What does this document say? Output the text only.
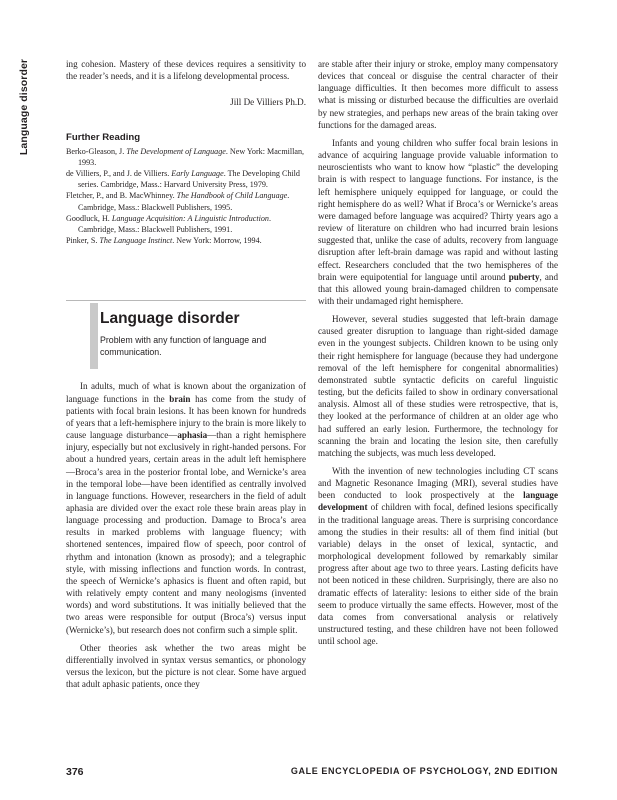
Language disorder	ing cohesion. Mastery of these devices requires a sensitivity to the reader’s needs, and it is a lifelong developmental process.

Jill De Villiers Ph.D.
Further Reading
Berko-Gleason, J. The Development of Language. New York: Macmillan, 1993.
de Villiers, P., and J. de Villiers. Early Language. The Developing Child series. Cambridge, Mass.: Harvard University Press, 1979.
Fletcher, P., and B. MacWhinney. The Handbook of Child Language. Cambridge, Mass.: Blackwell Publishers, 1995.
Goodluck, H. Language Acquisition: A Linguistic Introduction. Cambridge, Mass.: Blackwell Publishers, 1991.
Pinker, S. The Language Instinct. New York: Morrow, 1994.
Language disorder
Problem with any function of language and communication.

In adults, much of what is known about the organization of language functions in the brain has come from the study of patients with focal brain lesions. It has been known for hundreds of years that a left-hemisphere injury to the brain is more likely to cause language disturbance—aphasia—than a right hemisphere injury, especially but not exclusively in right-handed persons. For about a hundred years, certain areas in the adult left hemisphere—Broca’s area in the posterior frontal lobe, and Wernicke’s area in the temporal lobe—have been identified as centrally involved in language functions. However, researchers in the field of adult aphasia are divided over the exact role these brain areas play in language processing and production. Damage to Broca’s area results in marked problems with language fluency; with shortened sentences, impaired flow of speech, poor control of rhythm and intonation (known as prosody); and a telegraphic style, with missing inflections and function words. In contrast, the speech of Wernicke’s aphasics is fluent and often rapid, but with relatively empty content and many neologisms (invented words) and word substitutions. It was initially believed that the two areas were responsible for output (Broca’s) versus input (Wernicke’s), but research does not confirm such a simple split.

Other theories ask whether the two areas might be differentially involved in syntax versus semantics, or phonology versus the lexicon, but the picture is not clear. Some have argued that adult aphasic patients, once they

are stable after their injury or stroke, employ many compensatory devices that conceal or disguise the central character of their language difficulties. It then becomes more difficult to assess what is missing or disturbed because the difficulties are overlaid by new strategies, and perhaps new areas of the brain taking over functions for the damaged areas.

Infants and young children who suffer focal brain lesions in advance of acquiring language provide valuable information to neuroscientists who want to know how “plastic” the developing brain is with respect to language functions. For instance, is the left hemisphere uniquely equipped for language, or could the right hemisphere do as well? What if Broca’s or Wernicke’s areas were damaged before language was acquired? Thirty years ago a review of literature on children who had incurred brain lesions suggested that, unlike the case of adults, recovery from language disruption after left-brain damage was rapid and without lasting effect. Researchers concluded that the two hemispheres of the brain were equipotential for language until around puberty, and that this allowed young brain-damaged children to compensate with their undamaged right hemisphere.

However, several studies suggested that left-brain damage caused greater disruption to language than right-sided damage even in the youngest subjects. Children known to be using only their right hemisphere for language (because they had undergone removal of the left hemisphere for congenital abnormalities) demonstrated subtle syntactic deficits on careful linguistic testing, but the deficits failed to show in ordinary conversational analysis. Almost all of these studies were retrospective, that is, they looked at the performance of children at an older age who had suffered an early lesion. Furthermore, the technology for scanning the brain and locating the lesion site, then carefully matching the subjects, was much less developed.

With the invention of new technologies including CT scans and Magnetic Resonance Imaging (MRI), several studies have been conducted to look prospectively at the language development of children with focal, defined lesions specifically in the traditional language areas. There is surprising concordance among the studies in their results: all of them find initial (but variable) delays in the onset of lexical, syntactic, and morphological development followed by remarkably similar progress after about age two to three years. Lasting deficits have not been noticed in these children. Surprisingly, there are also no dramatic effects of laterality: lesions to either side of the brain seem to produce virtually the same effects. However, most of the data comes from conversational analysis or relatively unstructured testing, and these children have not been followed until school age.

376	GALE ENCYCLOPEDIA OF PSYCHOLOGY, 2ND EDITION
